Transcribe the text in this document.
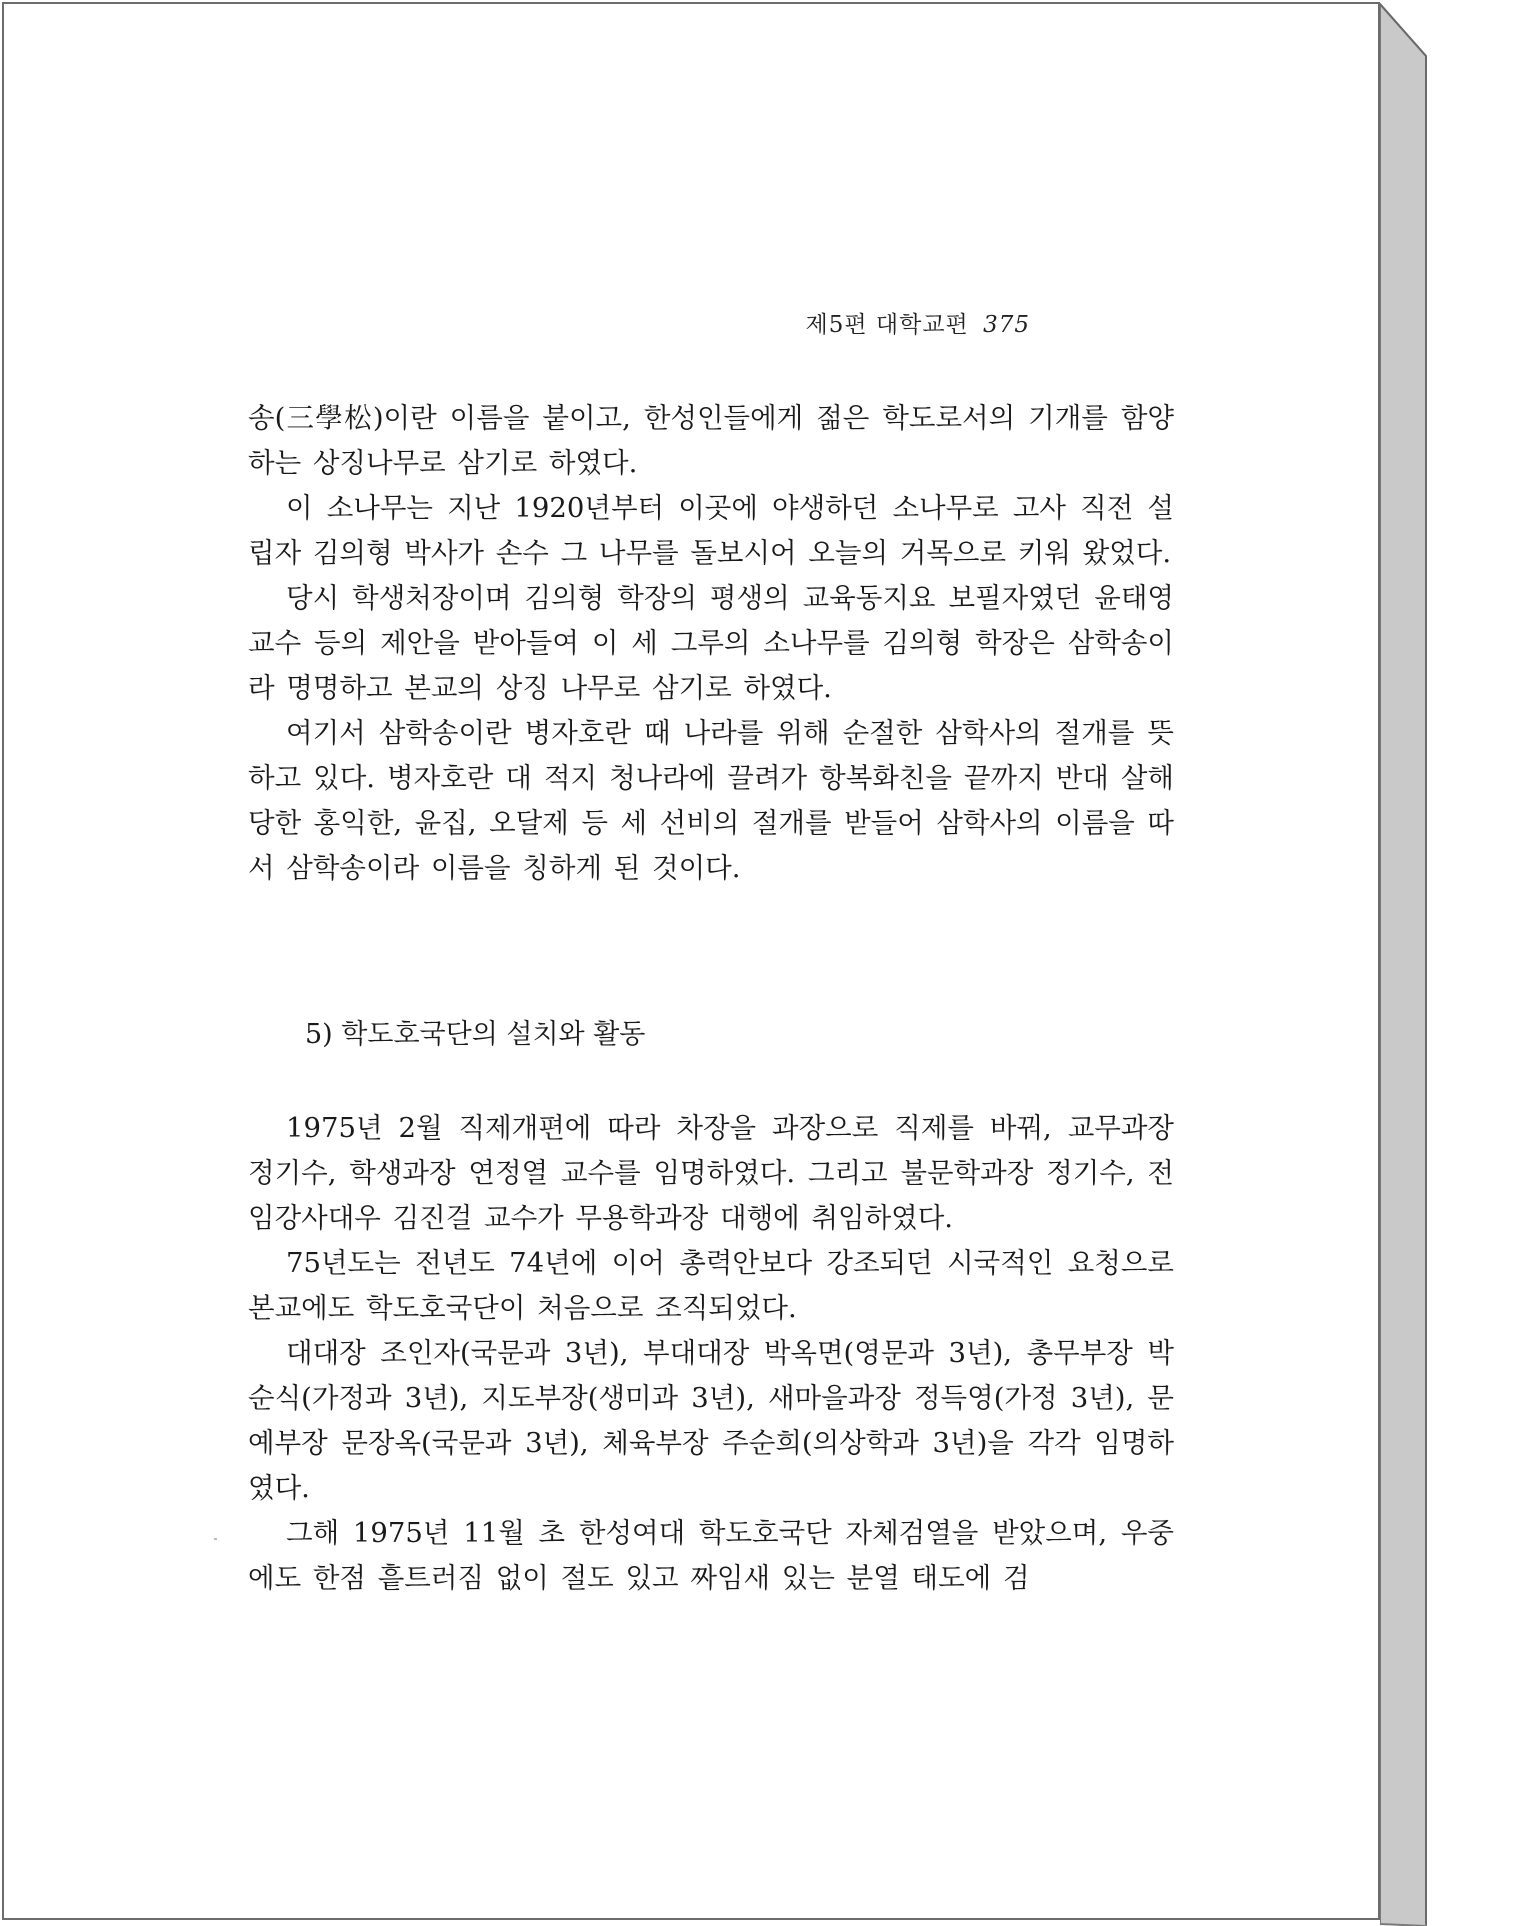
제5편 대학교편 375

송(三學松)이란 이름을 붙이고, 한성인들에게 젊은 학도로서의 기개를 함양하는 상징나무로 삼기로 하였다.

이 소나무는 지난 1920년부터 이곳에 야생하던 소나무로 고사 직전 설립자 김의형 박사가 손수 그 나무를 돌보시어 오늘의 거목으로 키워 왔었다.

당시 학생처장이며 김의형 학장의 평생의 교육동지요 보필자였던 윤태영 교수 등의 제안을 받아들여 이 세 그루의 소나무를 김의형 학장은 삼학송이라 명명하고 본교의 상징 나무로 삼기로 하였다.

여기서 삼학송이란 병자호란 때 나라를 위해 순절한 삼학사의 절개를 뜻하고 있다. 병자호란 대 적지 청나라에 끌려가 항복화친을 끝까지 반대 살해 당한 홍익한, 윤집, 오달제 등 세 선비의 절개를 받들어 삼학사의 이름을 따서 삼학송이라 이름을 칭하게 된 것이다.

5) 학도호국단의 설치와 활동

1975년 2월 직제개편에 따라 차장을 과장으로 직제를 바꿔, 교무과장 정기수, 학생과장 연정열 교수를 임명하였다. 그리고 불문학과장 정기수, 전임강사대우 김진걸 교수가 무용학과장 대행에 취임하였다.

75년도는 전년도 74년에 이어 총력안보다 강조되던 시국적인 요청으로 본교에도 학도호국단이 처음으로 조직되었다.

대대장 조인자(국문과 3년), 부대대장 박옥면(영문과 3년), 총무부장 박순식(가정과 3년), 지도부장(생미과 3년), 새마을과장 정득영(가정 3년), 문예부장 문장옥(국문과 3년), 체육부장 주순희(의상학과 3년)을 각각 임명하였다.

그해 1975년 11월 초 한성여대 학도호국단 자체검열을 받았으며, 우중에도 한점 흩트러짐 없이 절도 있고 짜임새 있는 분열 태도에 검
